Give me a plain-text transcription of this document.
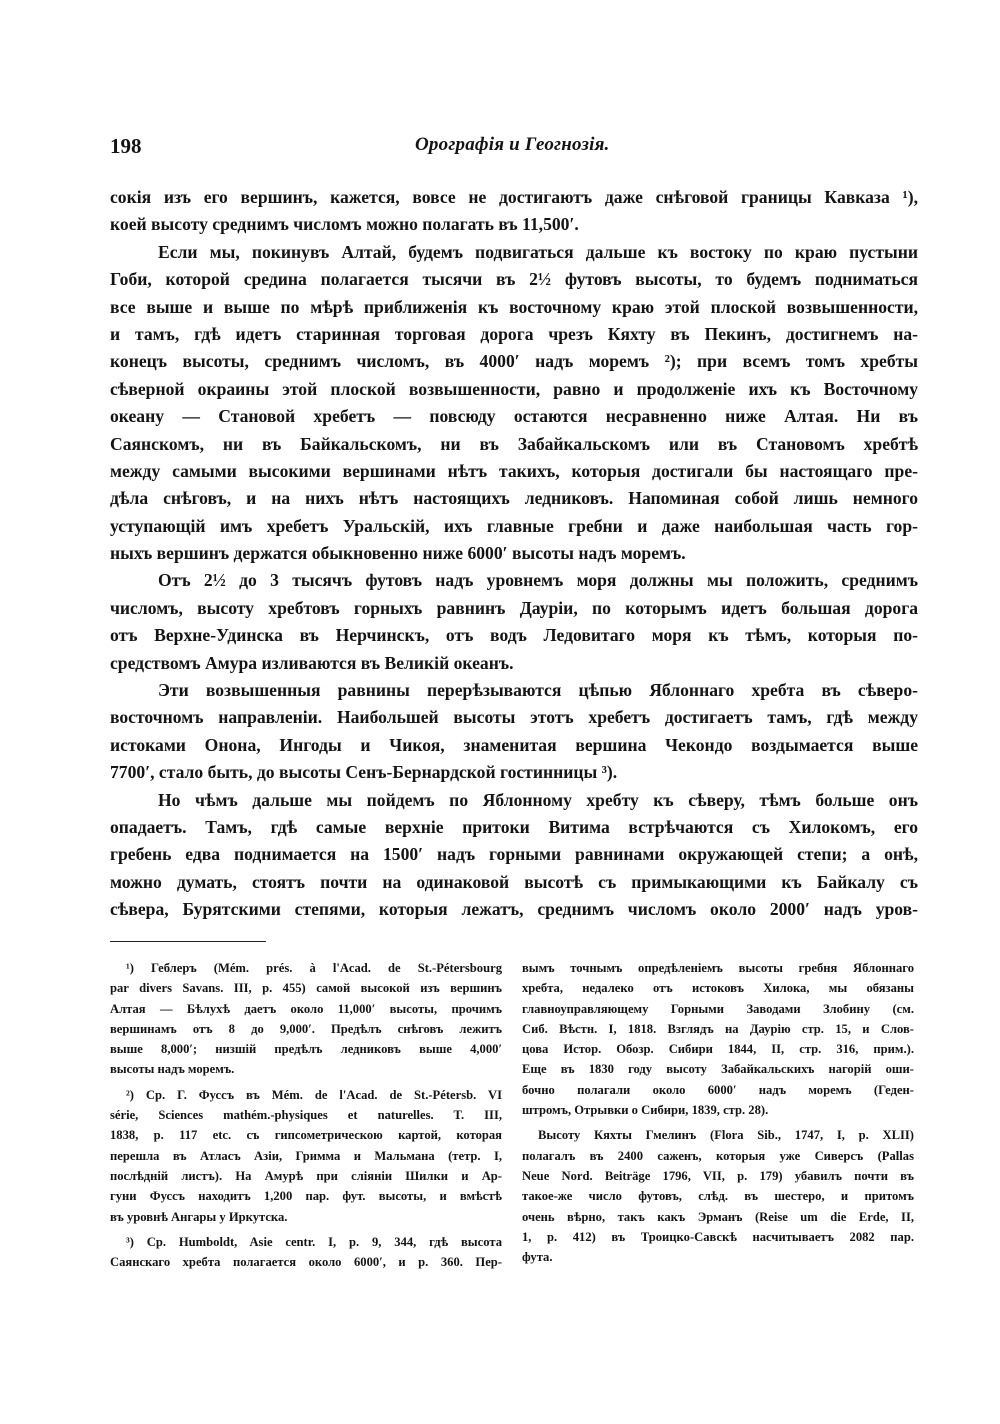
198	Орографія и Геогнозія.
сокія изъ его вершинъ, кажется, вовсе не достигаютъ даже снѣговой границы Кавказа ¹),
коей высоту среднимъ числомъ можно полагать въ 11,500′.
Если мы, покинувъ Алтай, будемъ подвигаться дальше къ востоку по краю пустыни
Гоби, которой средина полагается тысячи въ 2½ футовъ высоты, то будемъ подниматься
все выше и выше по мѣрѣ приближенія къ восточному краю этой плоской возвышенности,
и тамъ, гдѣ идетъ старинная торговая дорога чрезъ Кяхту въ Пекинъ, достигнемъ на-
конецъ высоты, среднимъ числомъ, въ 4000′ надъ моремъ ²); при всемъ томъ хребты
сѣверной окраины этой плоской возвышенности, равно и продолженіе ихъ къ Восточному
океану — Становой хребетъ — повсюду остаются несравненно ниже Алтая. Ни въ
Саянскомъ, ни въ Байкальскомъ, ни въ Забайкальскомъ или въ Становомъ хребтѣ
между самыми высокими вершинами нѣтъ такихъ, которыя достигали бы настоящаго пре-
дѣла снѣговъ, и на нихъ нѣтъ настоящихъ ледниковъ. Напоминая собой лишь немного
уступающій имъ хребетъ Уральскій, ихъ главные гребни и даже наибольшая часть гор-
ныхъ вершинъ держатся обыкновенно ниже 6000′ высоты надъ моремъ.
Отъ 2½ до 3 тысячъ футовъ надъ уровнемъ моря должны мы положить, среднимъ
числомъ, высоту хребтовъ горныхъ равнинъ Дауріи, по которымъ идетъ большая дорога
отъ Верхне-Удинска въ Нерчинскъ, отъ водъ Ледовитаго моря къ тѣмъ, которыя по-
средствомъ Амура изливаются въ Великій океанъ.
Эти возвышенныя равнины перерѣзываются цѣпью Яблоннаго хребта въ сѣверо-
восточномъ направленіи. Наибольшей высоты этотъ хребетъ достигаетъ тамъ, гдѣ между
истоками Онона, Ингоды и Чикоя, знаменитая вершина Чекондо воздымается выше
7700′, стало быть, до высоты Сенъ-Бернардской гостинницы ³).
Но чѣмъ дальше мы пойдемъ по Яблонному хребту къ сѣверу, тѣмъ больше онъ
опадаетъ. Тамъ, гдѣ самые верхніе притоки Витима встрѣчаются съ Хилокомъ, его
гребень едва поднимается на 1500′ надъ горными равнинами окружающей степи; а онѣ,
можно думать, стоятъ почти на одинаковой высотѣ съ примыкающими къ Байкалу съ
сѣвера, Бурятскими степями, которыя лежатъ, среднимъ числомъ около 2000′ надъ уров-
¹) Геблеръ (Mém. prés. à l'Acad. de St.-Pétersbourg
par divers Savans. III, p. 455) самой высокой изъ вершинъ
Алтая — Бѣлухѣ даетъ около 11,000′ высоты, прочимъ
вершинамъ отъ 8 до 9,000′. Предѣлъ снѣговъ лежитъ
выше 8,000′; низшій предѣлъ ледниковъ выше 4,000′
высоты надъ моремъ.
²) Ср. Г. Фуссъ въ Mém. de l'Acad. de St.-Pétersb. VI
série, Sciences mathém.-physiques et naturelles. T. III,
1838, p. 117 etc. съ гипсометрическою картой, которая
перешла въ Атласъ Азіи, Гримма и Мальмана (тетр. I,
послѣдній листъ). На Амурѣ при сліяніи Шилки и Ар-
гуни Фуссъ находитъ 1,200 пар. фут. высоты, и вмѣстѣ
въ уровнѣ Ангары у Иркутска.
³) Ср. Humboldt, Asie centr. I, p. 9, 344, гдѣ высота
Саянскаго хребта полагается около 6000′, и p. 360. Пер-
вымъ точнымъ опредѣленіемъ высоты гребня Яблоннаго
хребта, недалеко отъ истоковъ Хилока, мы обязаны
главноуправляющему Горными Заводами Злобину (см.
Сиб. Вѣстн. I, 1818. Взглядъ на Даурію стр. 15, и Слов-
цова Истор. Обозр. Сибири 1844, II, стр. 316, прим.).
Еще въ 1830 году высоту Забайкальскихъ нагорій оши-
бочно полагали около 6000′ надъ моремъ (Геден-
штромъ, Отрывки о Сибири, 1839, стр. 28).
Высоту Кяхты Гмелинъ (Flora Sib., 1747, I, p. XLII)
полагалъ въ 2400 саженъ, которыя уже Сиверсъ (Pallas
Neue Nord. Beiträge 1796, VII, p. 179) убавилъ почти въ
такое-же число футовъ, слѣд. въ шестеро, и притомъ
очень вѣрно, такъ какъ Эрманъ (Reise um die Erde, II,
1, p. 412) въ Троицко-Савскѣ насчитываетъ 2082 пар.
фута.
